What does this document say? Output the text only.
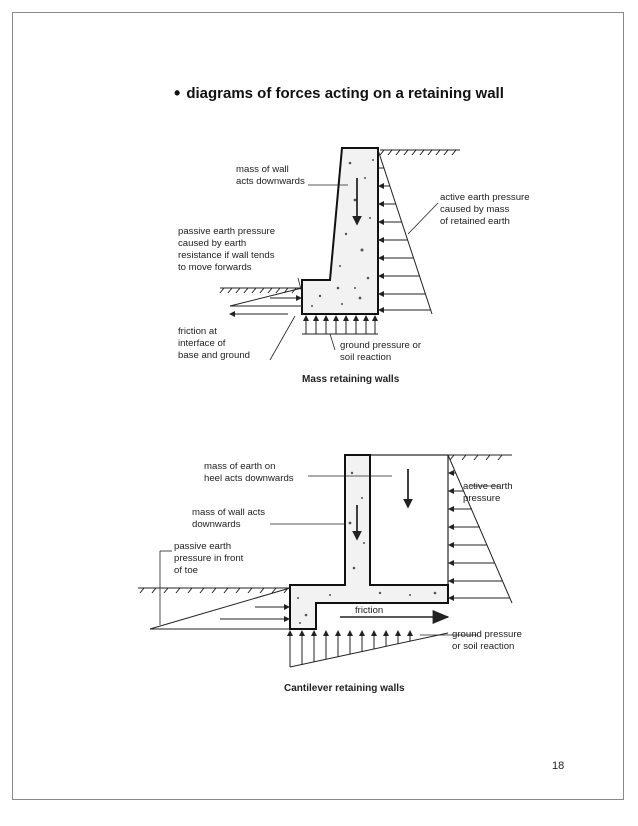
• diagrams of forces acting on a retaining wall
mass of wall
acts downwards
active earth pressure
caused by mass
of retained earth
passive earth pressure
caused by earth
resistance if wall tends
to move forwards
friction at
interface of
base and ground
ground pressure or
soil reaction
Mass retaining walls
mass of earth on
heel acts downwards
mass of wall acts
downwards
passive earth
pressure in front
of toe
active earth
pressure
friction
ground pressure
or soil reaction
Cantilever retaining walls
18
